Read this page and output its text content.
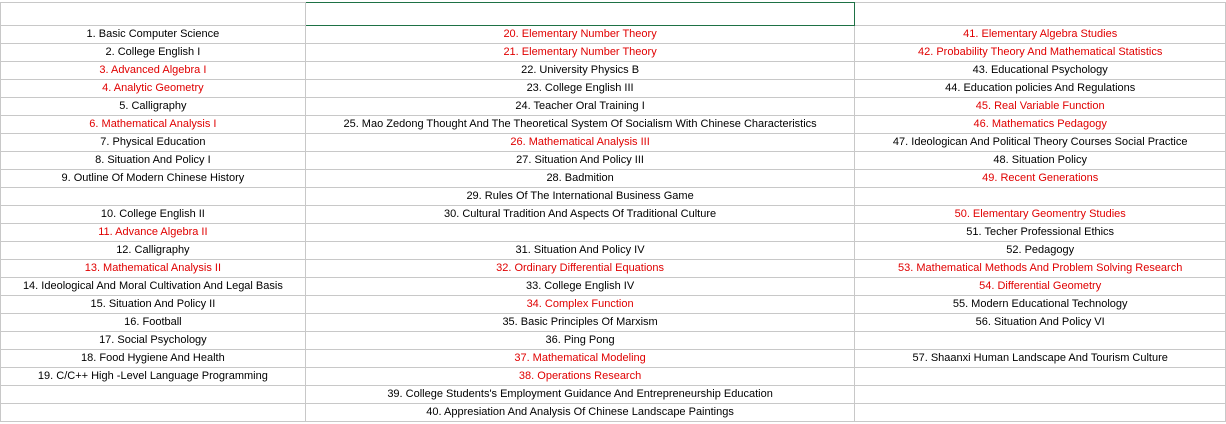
1. Basic Computer Science	20. Elementary Number Theory	41. Elementary Algebra Studies
2. College English I	21. Elementary Number Theory	42. Probability Theory And Mathematical Statistics
3. Advanced Algebra I	22. University Physics B	43. Educational Psychology
4. Analytic Geometry	23. College English III	44. Education policies And Regulations
5. Calligraphy	24. Teacher Oral Training I	45. Real Variable Function
6. Mathematical Analysis I	25. Mao Zedong Thought And The Theoretical System Of Socialism With Chinese Characteristics	46. Mathematics Pedagogy
7. Physical Education	26. Mathematical Analysis III	47. Ideologican And Political Theory Courses Social Practice
8. Situation And Policy I	27. Situation And Policy III	48. Situation Policy
9. Outline Of Modern Chinese History	28. Badmition	49. Recent Generations
	29. Rules Of The International Business Game	
10. College English II	30. Cultural Tradition And Aspects Of Traditional Culture	50. Elementary Geomentry Studies
11. Advance Algebra II		51. Techer Professional Ethics
12. Calligraphy	31. Situation And Policy IV	52. Pedagogy
13. Mathematical Analysis II	32. Ordinary Differential Equations	53. Mathematical Methods And Problem Solving Research
14. Ideological And Moral Cultivation And Legal Basis	33. College English IV	54. Differential Geometry
15. Situation And Policy II	34. Complex Function	55. Modern Educational Technology
16. Football	35. Basic Principles Of Marxism	56. Situation And Policy VI
17. Social Psychology	36. Ping Pong	
18. Food Hygiene And Health	37. Mathematical Modeling	57. Shaanxi Human Landscape And Tourism Culture
19. C/C++ High -Level Language Programming	38. Operations Research	
	39. College Students's Employment Guidance And Entrepreneurship Education	
	40. Appresiation And Analysis Of Chinese Landscape Paintings	
